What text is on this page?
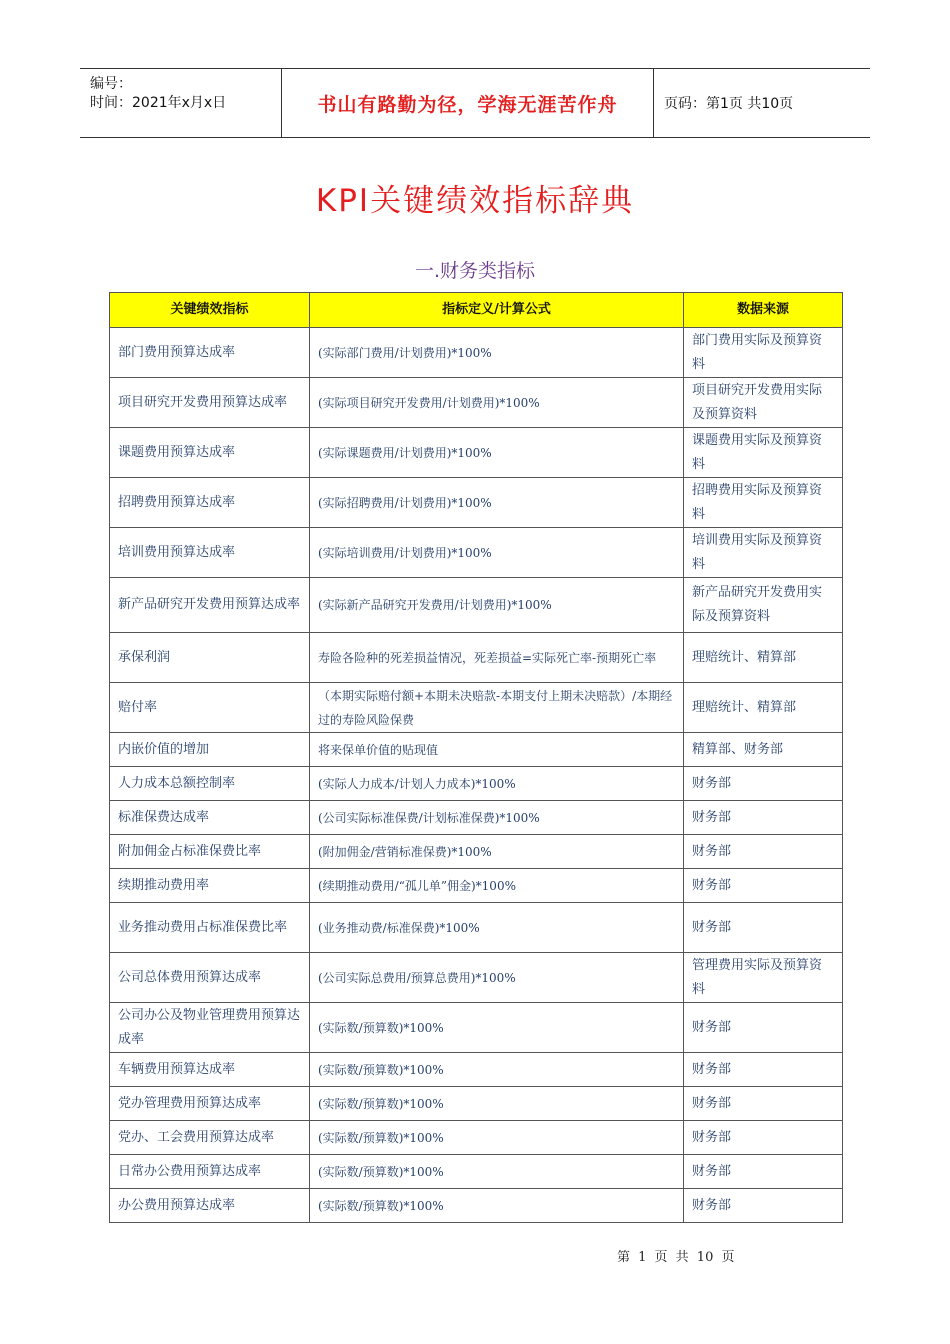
编号：
时间：2021年x月x日	书山有路勤为径，学海无涯苦作舟	页码：第1页 共10页
KPI关键绩效指标辞典
一.财务类指标
关键绩效指标	指标定义/计算公式	数据来源
部门费用预算达成率	(实际部门费用/计划费用)*100%	部门费用实际及预算资料
项目研究开发费用预算达成率	(实际项目研究开发费用/计划费用)*100%	项目研究开发费用实际及预算资料
课题费用预算达成率	(实际课题费用/计划费用)*100%	课题费用实际及预算资料
招聘费用预算达成率	(实际招聘费用/计划费用)*100%	招聘费用实际及预算资料
培训费用预算达成率	(实际培训费用/计划费用)*100%	培训费用实际及预算资料
新产品研究开发费用预算达成率	(实际新产品研究开发费用/计划费用)*100%	新产品研究开发费用实际及预算资料
承保利润	寿险各险种的死差损益情况，死差损益=实际死亡率-预期死亡率	理赔统计、精算部
赔付率	（本期实际赔付额+本期未决赔款-本期支付上期未决赔款）/本期经过的寿险风险保费	理赔统计、精算部
内嵌价值的增加	将来保单价值的贴现值	精算部、财务部
人力成本总额控制率	(实际人力成本/计划人力成本)*100%	财务部
标准保费达成率	(公司实际标准保费/计划标准保费)*100%	财务部
附加佣金占标准保费比率	(附加佣金/营销标准保费)*100%	财务部
续期推动费用率	(续期推动费用/“孤儿单”佣金)*100%	财务部
业务推动费用占标准保费比率	(业务推动费/标准保费)*100%	财务部
公司总体费用预算达成率	(公司实际总费用/预算总费用)*100%	管理费用实际及预算资料
公司办公及物业管理费用预算达成率	(实际数/预算数)*100%	财务部
车辆费用预算达成率	(实际数/预算数)*100%	财务部
党办管理费用预算达成率	(实际数/预算数)*100%	财务部
党办、工会费用预算达成率	(实际数/预算数)*100%	财务部
日常办公费用预算达成率	(实际数/预算数)*100%	财务部
办公费用预算达成率	(实际数/预算数)*100%	财务部
第 1 页 共 10 页
